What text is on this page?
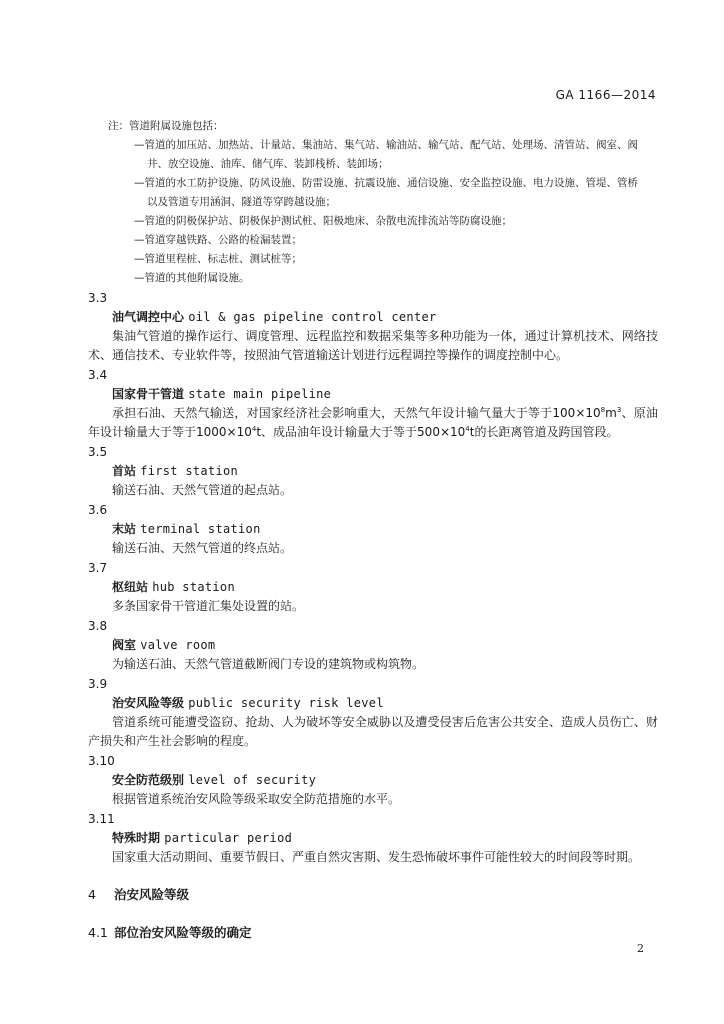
GA 1166—2014
注：管道附属设施包括：
—管道的加压站、加热站、计量站、集油站、集气站、输油站、输气站、配气站、处理场、清管站、阀室、阀
井、放空设施、油库、储气库、装卸栈桥、装卸场；
—管道的水工防护设施、防风设施、防雷设施、抗震设施、通信设施、安全监控设施、电力设施、管堤、管桥
以及管道专用涵洞、隧道等穿跨越设施；
—管道的阴极保护站、阴极保护测试桩、阳极地床、杂散电流排流站等防腐设施；
—管道穿越铁路、公路的检漏装置；
—管道里程桩、标志桩、测试桩等；
—管道的其他附属设施。
3.3
油气调控中心 oil & gas pipeline control center
集油气管道的操作运行、调度管理、远程监控和数据采集等多种功能为一体，通过计算机技术、网络技术、通信技术、专业软件等，按照油气管道输送计划进行远程调控等操作的调度控制中心。
3.4
国家骨干管道 state main pipeline
承担石油、天然气输送，对国家经济社会影响重大，天然气年设计输气量大于等于$100\times 10^8m^3$、原油年设计输量大于等于$1000\times 10^4t$、成品油年设计输量大于等于$500\times 10^4t$的长距离管道及跨国管段。
3.5
首站 first station
输送石油、天然气管道的起点站。
3.6
末站 terminal station
输送石油、天然气管道的终点站。
3.7
枢纽站 hub station
多条国家骨干管道汇集处设置的站。
3.8
阀室 valve room
为输送石油、天然气管道截断阀门专设的建筑物或构筑物。
3.9
治安风险等级 public security risk level
管道系统可能遭受盗窃、抢劫、人为破坏等安全威胁以及遭受侵害后危害公共安全、造成人员伤亡、财产损失和产生社会影响的程度。
3.10
安全防范级别 level of security
根据管道系统治安风险等级采取安全防范措施的水平。
3.11
特殊时期 particular period
国家重大活动期间、重要节假日、严重自然灾害期、发生恐怖破坏事件可能性较大的时间段等时期。
4 治安风险等级
4.1 部位治安风险等级的确定
2
